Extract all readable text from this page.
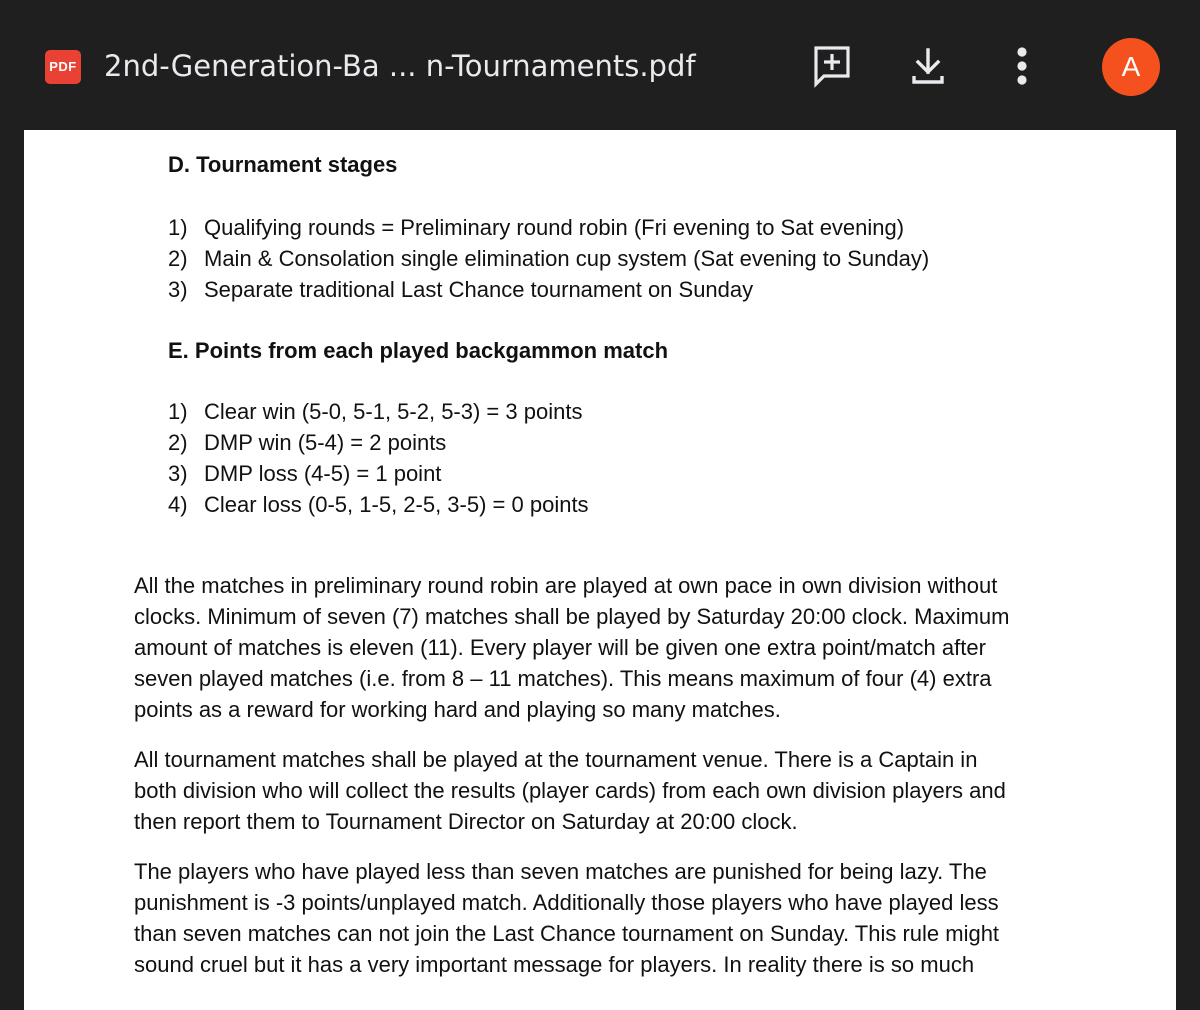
PDF 2nd-Generation-Ba ... n-Tournaments.pdf	A
D. Tournament stages
1) Qualifying rounds = Preliminary round robin (Fri evening to Sat evening)
2) Main & Consolation single elimination cup system (Sat evening to Sunday)
3) Separate traditional Last Chance tournament on Sunday
E. Points from each played backgammon match
1) Clear win (5-0, 5-1, 5-2, 5-3) = 3 points
2) DMP win (5-4) = 2 points
3) DMP loss (4-5) = 1 point
4) Clear loss (0-5, 1-5, 2-5, 3-5) = 0 points
All the matches in preliminary round robin are played at own pace in own division without
clocks. Minimum of seven (7) matches shall be played by Saturday 20:00 clock. Maximum
amount of matches is eleven (11). Every player will be given one extra point/match after
seven played matches (i.e. from 8 – 11 matches). This means maximum of four (4) extra
points as a reward for working hard and playing so many matches.
All tournament matches shall be played at the tournament venue. There is a Captain in
both division who will collect the results (player cards) from each own division players and
then report them to Tournament Director on Saturday at 20:00 clock.
The players who have played less than seven matches are punished for being lazy. The
punishment is -3 points/unplayed match. Additionally those players who have played less
than seven matches can not join the Last Chance tournament on Sunday. This rule might
sound cruel but it has a very important message for players. In reality there is so much
